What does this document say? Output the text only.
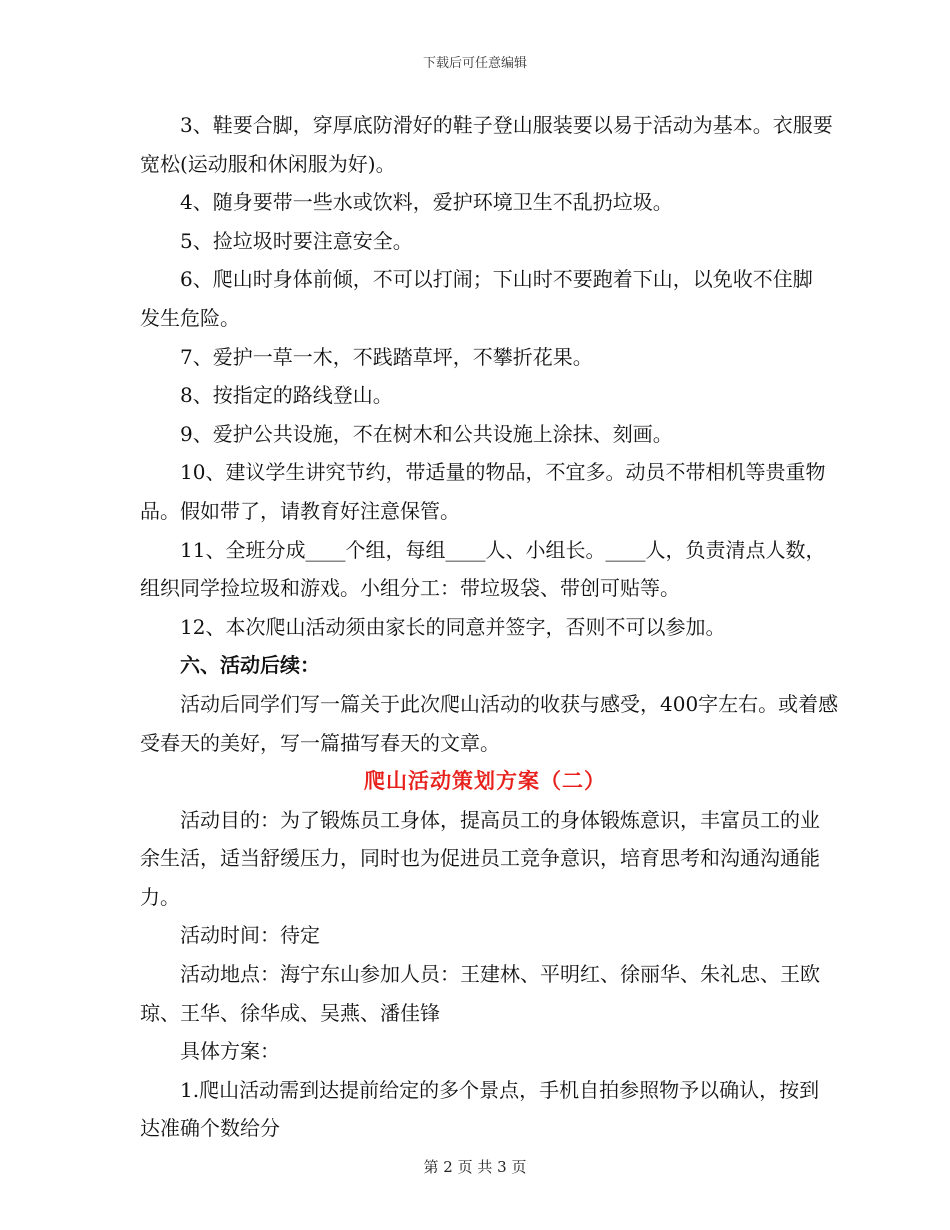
下载后可任意编辑

3、鞋要合脚，穿厚底防滑好的鞋子登山服装要以易于活动为基本。衣服要宽松(运动服和休闲服为好)。

4、随身要带一些水或饮料，爱护环境卫生不乱扔垃圾。

5、捡垃圾时要注意安全。

6、爬山时身体前倾，不可以打闹；下山时不要跑着下山，以免收不住脚发生危险。

7、爱护一草一木，不践踏草坪，不攀折花果。

8、按指定的路线登山。

9、爱护公共设施，不在树木和公共设施上涂抹、刻画。

10、建议学生讲究节约，带适量的物品，不宜多。动员不带相机等贵重物品。假如带了，请教育好注意保管。

11、全班分成____个组，每组____人、小组长。____人，负责清点人数，组织同学捡垃圾和游戏。小组分工：带垃圾袋、带创可贴等。

12、本次爬山活动须由家长的同意并签字，否则不可以参加。

六、活动后续：

活动后同学们写一篇关于此次爬山活动的收获与感受，400字左右。或着感受春天的美好，写一篇描写春天的文章。

爬山活动策划方案（二）

活动目的：为了锻炼员工身体，提高员工的身体锻炼意识，丰富员工的业余生活，适当舒缓压力，同时也为促进员工竞争意识，培育思考和沟通沟通能力。

活动时间：待定

活动地点：海宁东山参加人员：王建林、平明红、徐丽华、朱礼忠、王欧琼、王华、徐华成、吴燕、潘佳锋

具体方案：

1.爬山活动需到达提前给定的多个景点，手机自拍参照物予以确认，按到达准确个数给分

第 2 页 共 3 页
